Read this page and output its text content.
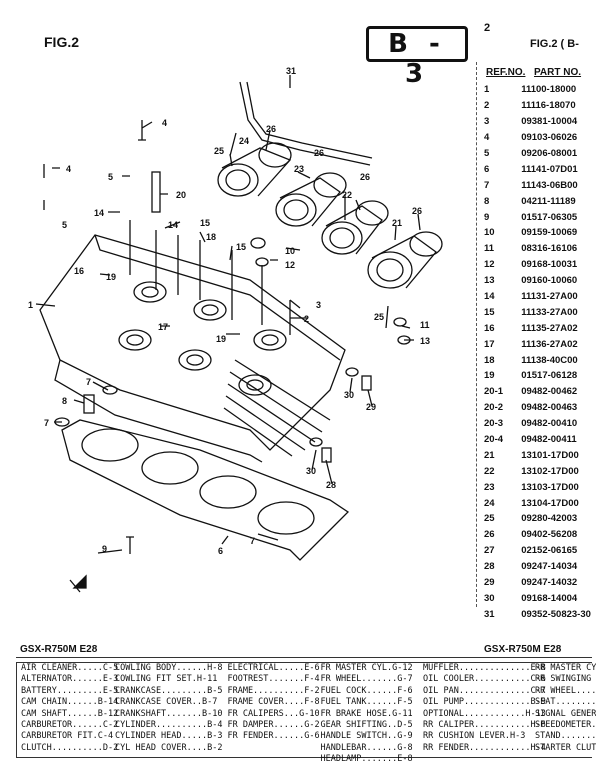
FIG.2	B - 3
2
FIG.2 ( B-
31
4
4
5
20
5
14
14 15
18
15	10
12
16
19
1
24
26
25
23
26
22
26
21
26
3
2
17
19
25
11
13
7
8
7
30
29
30
28
7
9	6
REF.NO. PART NO.
1	11100-18000
2	11116-18070
3	09381-10004
4	09103-06026
5	09206-08001
6	11141-07D01
7	11143-06B00
8	04211-11189
9	01517-06305
10	09159-10069
11	08316-16106
12	09168-10031
13	09160-10060
14	11131-27A00
15	11133-27A00
16	11135-27A02
17	11136-27A02
18	11138-40C00
19	01517-06128
20-1	09482-00462
20-2	09482-00463
20-3	09482-00410
20-4	09482-00411
21	13101-17D00
22	13102-17D00
23	13103-17D00
24	13104-17D00
25	09280-42003
26	09402-56208
27	02152-06165
28	09247-14034
29	09247-14032
30	09168-14004
31	09352-50823-30
GSX-R750M E28	GSX-R750M E28
AIR CLEANER.....C-5
ALTERNATOR......E-3
BATTERY.........E-5
CAM CHAIN......B-14
CAM SHAFT......B-12
CARBURETOR......C-2
CARBURETOR FIT.C-4
CLUTCH..........D-2
COWLING BODY......H-8
COWLING FIT SET.H-11
CRANKCASE.........B-5
CRANKCASE COVER..B-7
CRANKSHAFT.......B-10
CYLINDER..........B-4
CYLINDER HEAD.....B-3
CYL HEAD COVER....B-2
ELECTRICAL.....E-6
FOOTREST.......F-4
FRAME..........F-2
FRAME COVER....F-8
FR CALIPERS...G-10
FR DAMPER......G-2
FR FENDER......G-6
FR MASTER CYL.G-12
FR WHEEL.......G-7
FUEL COCK......F-6
FUEL TANK......F-5
FR BRAKE HOSE.G-11
GEAR SHIFTING..D-5
HANDLE SWITCH..G-9
HANDLEBAR......G-8
HEADLAMP.......E-8
MUFFLER..............E-8
OIL COOLER...........C-6
OIL PAN..............C-7
OIL PUMP.............B-9
OPTIONAL............H-13
RR CALIPER...........H-6
RR CUSHION LEVER.H-3
RR FENDER............H-4
RR MASTER CY
RR SWINGING
RR WHEEL....
SEAT........
SIGNAL GENER
SPEEDOMETER.
STAND.......
STARTER CLUT
